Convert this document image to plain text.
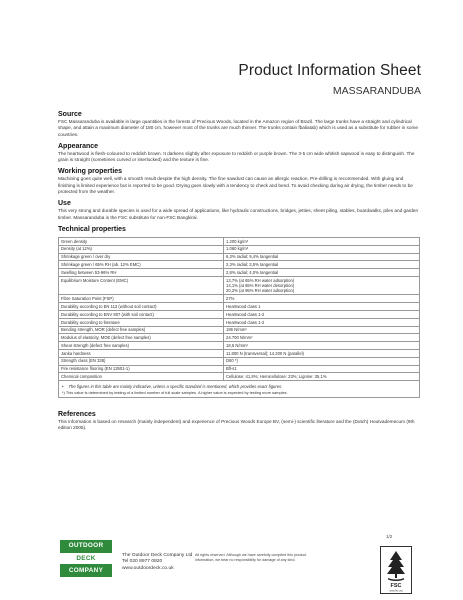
Product Information Sheet
MASSARANDUBA

Source

FSC Massaranduba is available in large quantities in the forests of Precious Woods, located in the Amazon region of Brazil. The large trunks have a straight and cylindrical shape, and attain a maximum diameter of 180 cm, however most of the trunks are much thinner. The trunks contain fbaliatab) which is used as a substitute for rubber in some countries.

Appearance

The heartwood is flesh-coloured to reddish brown. It darkens slightly after exposure to reddish or purple brown. The 3-5 cm wide whitish sapwood is easy to distinguish. The grain is straight (sometimes curved or interlocked) and the texture is fine.

Working properties

Machining goes quite well, with a smooth result despite the high density. The fine sawdust can cause an allergic reaction. Pre-drilling is recommended. With gluing and finishing is limited experience but is reported to be good. Drying goes slowly with a tendency to check and bend. To avoid checking during air drying, the timber needs to be protected from the weather.

Use

This very strong and durable species is used for a wide spread of applications, like hydraulic constructions, bridges, jetties, sheet piling, stables, boardwalks, piles and garden timber. Massaranduba is the FSC substitute for non-FSC Bangkirai.

Technical properties

Green density	1.200 kg/m³
Density (at 12%)	1.060 kg/m³
Shrinkage green / over dry	6,3% radial; 9,4% tangential
Shrinkage green / 65% RH (ab. 12% EMC)	2,3% radial; 3,5% tangential
Swelling between 53-96% RH	2,8% radial; 4,0% tangential
Equilibrium Moisture Content (EMC)	13,7% (at 65% RH water adsorption)
14,1% (at 65% RH water desorption)
20,2% (at 95% RH water adsorption)
Fibre Saturation Point (FSP)	27%
Durability according to EN 113 (without soil contact)	Heartwood class 1
Durability according to ENV 807 (with soil contact)	Heartwood class 1-2
Durability according to literature	Heartwood class 1-2
Bending strength, MOR (defect free samples)	196 N/mm²
Modulus of elasticity, MOE (defect free samples)	24.700 N/mm²
Shear strength (defect free samples)	18,5 N/mm²
Janka hardness	11.800 N (transversal); 14.200 N (parallel)
Strength class (EN 338)	D60 *)
Fire resistance flooring (EN 13501-1)	Bfl-s1
Chemical composition	Cellulose: 41,8%; Hemicellulose: 23%; Lignine: 35,1%

• The figures in this table are mainly indicative, unless a specific standard is mentioned, which provides exact figures.
*) This value is determined by testing of a limited number of full scale samples. A higher value is expected by testing more samples.	

References

This information is based on research (mainly independent) and experience of Precious Woods Europe BV, (semi-) scientific literature and the (Dutch) Houtvademecum (9th edition 2005).

1/2
OUTDOOR
DECK
COMPANY
The Outdoor Deck Company Ltd
Tel 020 8977 0820
www.outdoordeck.co.uk
All rights reserved. Although we have carefully compiled this product information, we bear no responsibility for damage of any kind.
FSC
www.fsc.org
